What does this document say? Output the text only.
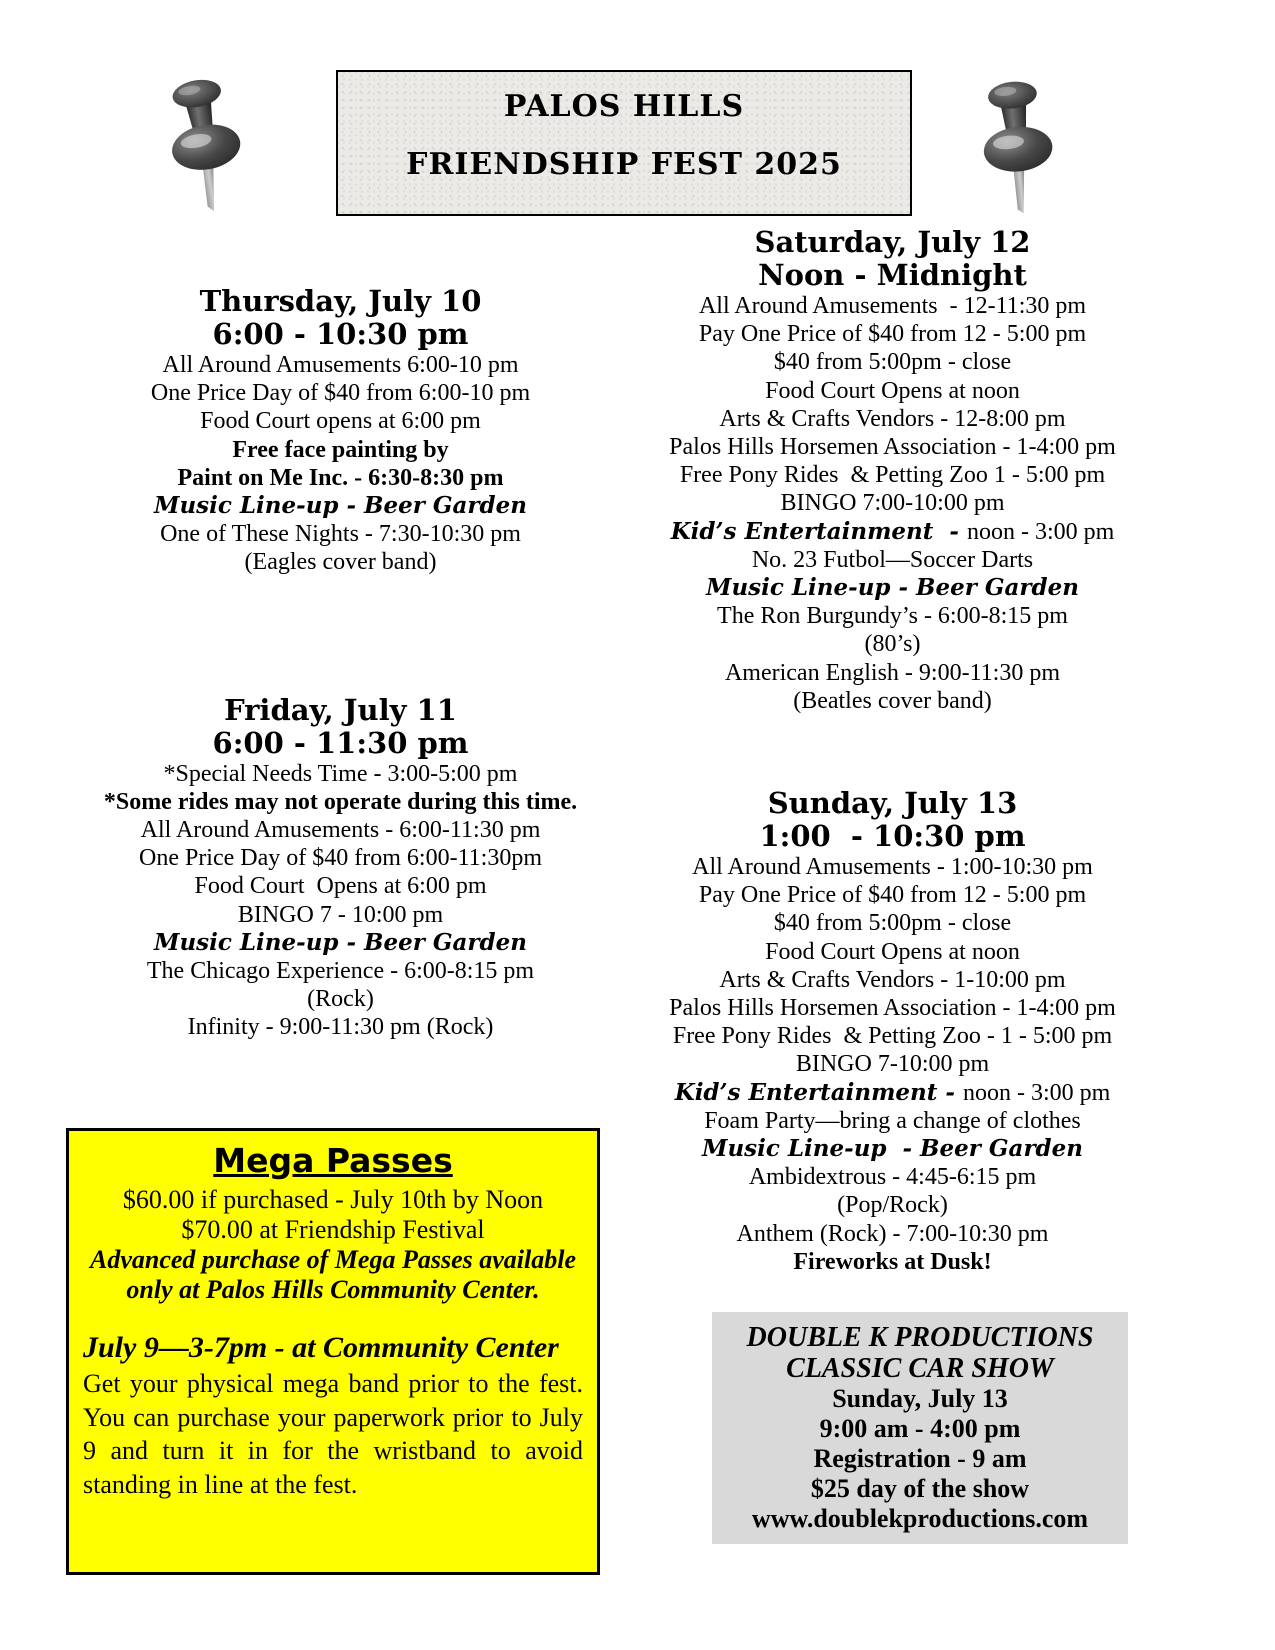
PALOS HILLS
FRIENDSHIP FEST 2025
Thursday, July 10
6:00 - 10:30 pm
All Around Amusements 6:00-10 pm
One Price Day of $40 from 6:00-10 pm
Food Court opens at 6:00 pm
Free face painting by
Paint on Me Inc. - 6:30-8:30 pm
Music Line-up - Beer Garden
One of These Nights - 7:30-10:30 pm
(Eagles cover band)
Friday, July 11
6:00 - 11:30 pm
*Special Needs Time - 3:00-5:00 pm
*Some rides may not operate during this time.
All Around Amusements - 6:00-11:30 pm
One Price Day of $40 from 6:00-11:30pm
Food Court  Opens at 6:00 pm
BINGO 7 - 10:00 pm
Music Line-up - Beer Garden
The Chicago Experience - 6:00-8:15 pm
(Rock)
Infinity - 9:00-11:30 pm (Rock)
Saturday, July 12
Noon - Midnight
All Around Amusements  - 12-11:30 pm
Pay One Price of $40 from 12 - 5:00 pm
$40 from 5:00pm - close
Food Court Opens at noon
Arts & Crafts Vendors - 12-8:00 pm
Palos Hills Horsemen Association - 1-4:00 pm
Free Pony Rides  & Petting Zoo 1 - 5:00 pm
BINGO 7:00-10:00 pm
Kid’s Entertainment  - noon - 3:00 pm
No. 23 Futbol—Soccer Darts
Music Line-up - Beer Garden
The Ron Burgundy’s - 6:00-8:15 pm
(80’s)
American English - 9:00-11:30 pm
(Beatles cover band)
Sunday, July 13
1:00  - 10:30 pm
All Around Amusements - 1:00-10:30 pm
Pay One Price of $40 from 12 - 5:00 pm
$40 from 5:00pm - close
Food Court Opens at noon
Arts & Crafts Vendors - 1-10:00 pm
Palos Hills Horsemen Association - 1-4:00 pm
Free Pony Rides  & Petting Zoo - 1 - 5:00 pm
BINGO 7-10:00 pm
Kid’s Entertainment - noon - 3:00 pm
Foam Party—bring a change of clothes
Music Line-up  - Beer Garden
Ambidextrous - 4:45-6:15 pm
(Pop/Rock)
Anthem (Rock) - 7:00-10:30 pm
Fireworks at Dusk!
Mega Passes
$60.00 if purchased - July 10th by Noon
$70.00 at Friendship Festival
Advanced purchase of Mega Passes available only at Palos Hills Community Center.
July 9—3-7pm - at Community Center
Get your physical mega band prior to the fest. You can purchase your paperwork prior to July 9 and turn it in for the wristband to avoid standing in line at the fest.
DOUBLE K PRODUCTIONS
CLASSIC CAR SHOW
Sunday, July 13
9:00 am - 4:00 pm
Registration - 9 am
$25 day of the show
www.doublekproductions.com
